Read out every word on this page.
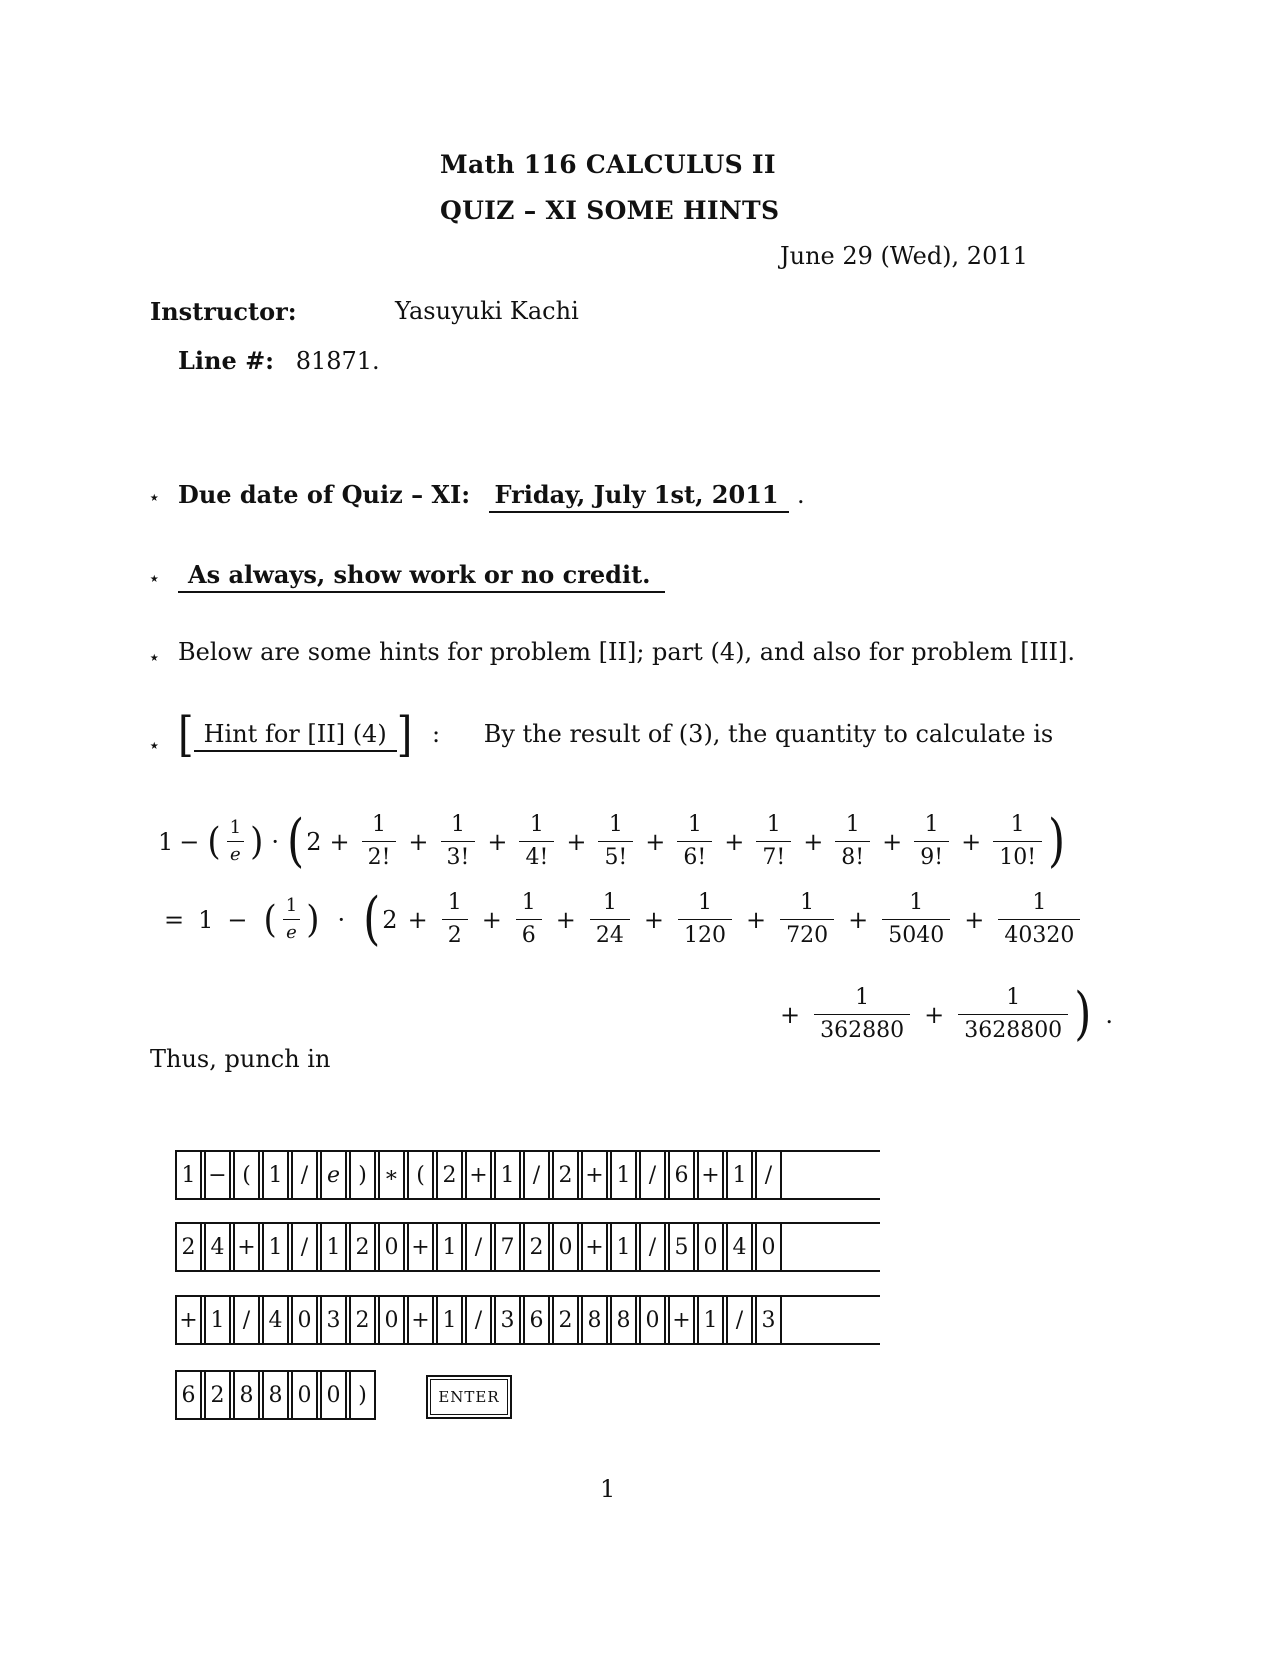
Math 116 CALCULUS II
QUIZ – XI SOME HINTS
June 29 (Wed), 2011
Instructor:	Yasuyuki Kachi
Line #: 81871.
⋆ Due date of Quiz – XI: Friday, July 1st, 2011 .
⋆	As always, show work or no credit.
⋆ Below are some hints for problem [II]; part (4), and also for problem [III].
⋆ [ Hint for [II] (4) ] : By the result of (3), the quantity to calculate is
1 − ( $\frac{1}{e}$ ) · ( $2 + \frac{1}{2!} + \frac{1}{3!} + \frac{1}{4!} + \frac{1}{5!} + \frac{1}{6!} + \frac{1}{7!} + \frac{1}{8!} + \frac{1}{9!} + \frac{1}{10!}$ )
= 1 − ( $\frac{1}{e}$ ) · ( $2 + \frac{1}{2} + \frac{1}{6} + \frac{1}{24} + \frac{1}{120} + \frac{1}{720} + \frac{1}{5040} + \frac{1}{40320}$
+ $\frac{1}{362880} + \frac{1}{3628800}$ ) .
Thus, punch in
1 − ( 1 / e ) ∗ ( 2 + 1 / 2 + 1 / 6 + 1 /
2 4 + 1 / 1 2 0 + 1 / 7 2 0 + 1 / 5 0 4 0
+ 1 / 4 0 3 2 0 + 1 / 3 6 2 8 8 0 + 1 / 3
6 2 8 8 0 0 )	ENTER
1
